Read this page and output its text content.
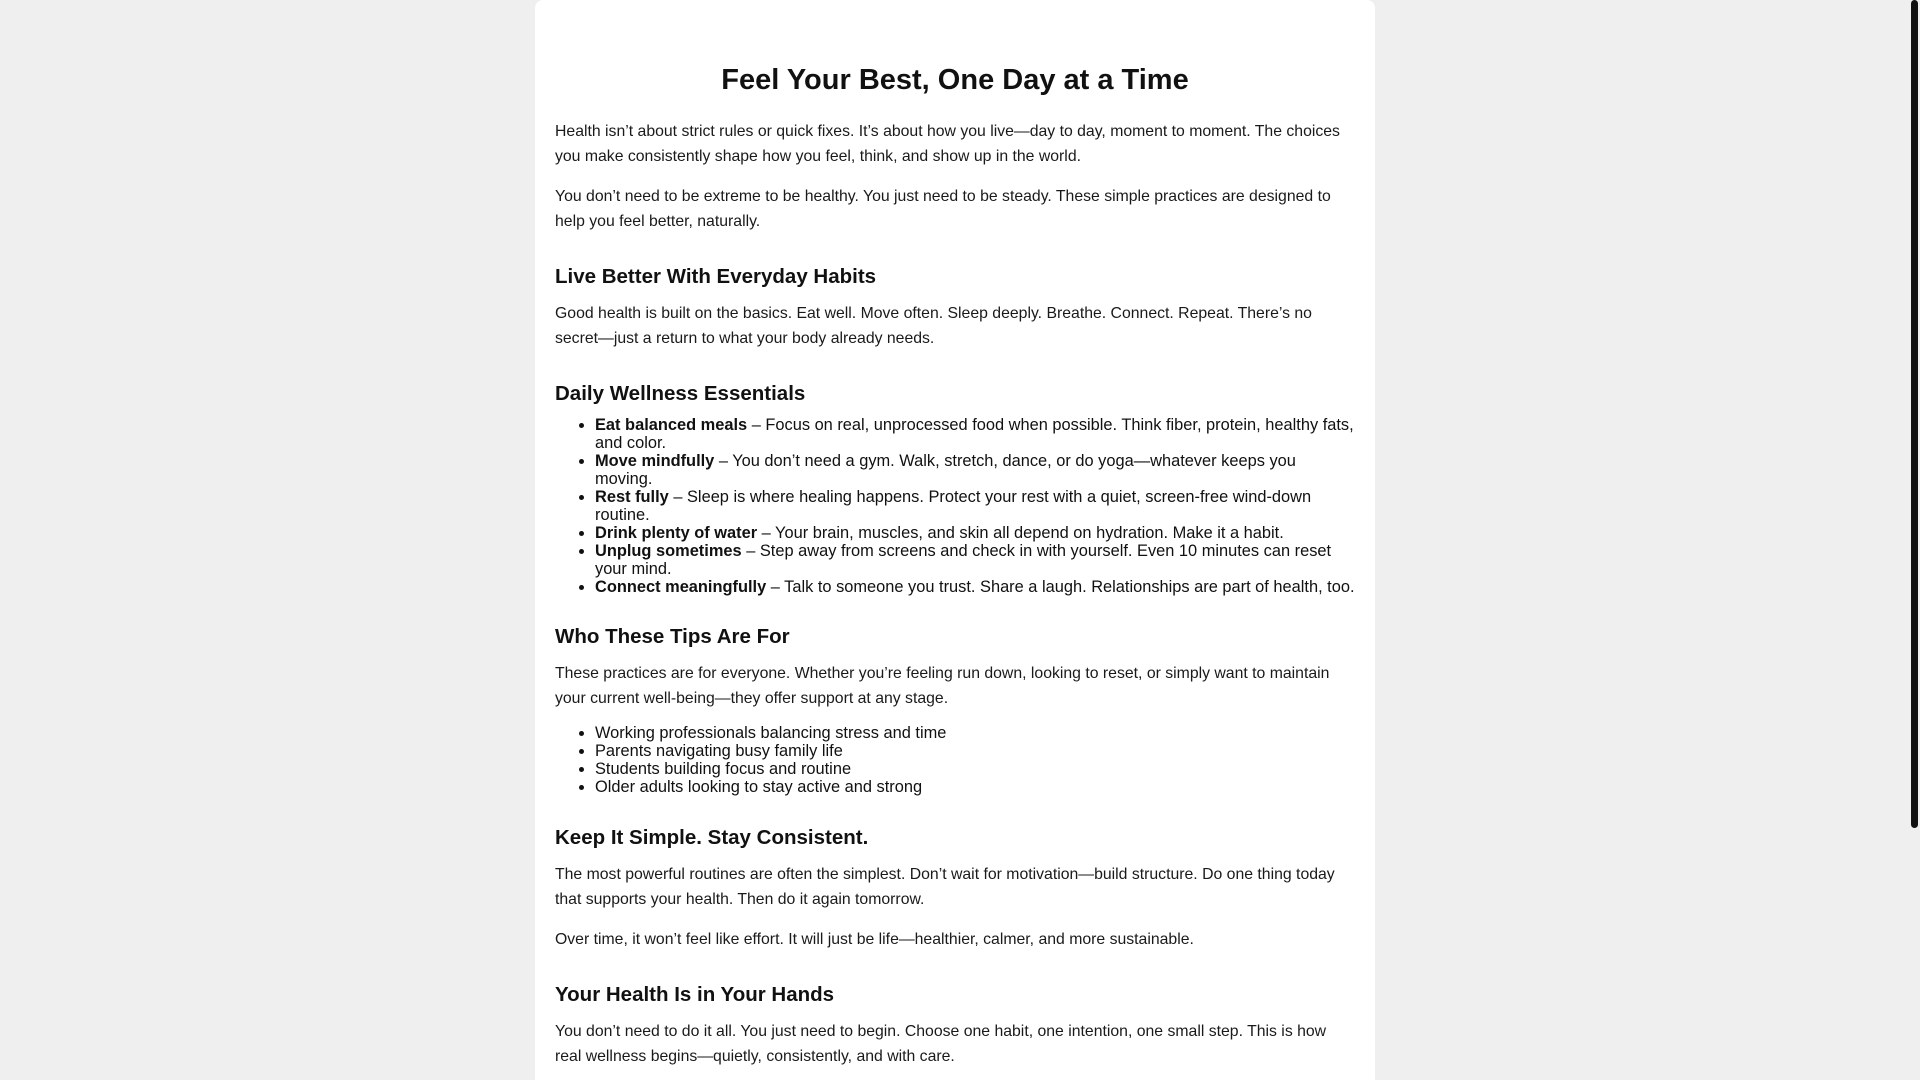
Feel Your Best, One Day at a Time

Health isn’t about strict rules or quick fixes. It’s about how you live—day to day, moment to moment. The choices you make consistently shape how you feel, think, and show up in the world.

You don’t need to be extreme to be healthy. You just need to be steady. These simple practices are designed to help you feel better, naturally.

Live Better With Everyday Habits

Good health is built on the basics. Eat well. Move often. Sleep deeply. Breathe. Connect. Repeat. There’s no secret—just a return to what your body already needs.

Daily Wellness Essentials
• Eat balanced meals – Focus on real, unprocessed food when possible. Think fiber, protein, healthy fats, and color.
• Move mindfully – You don’t need a gym. Walk, stretch, dance, or do yoga—whatever keeps you moving.
• Rest fully – Sleep is where healing happens. Protect your rest with a quiet, screen-free wind-down routine.
• Drink plenty of water – Your brain, muscles, and skin all depend on hydration. Make it a habit.
• Unplug sometimes – Step away from screens and check in with yourself. Even 10 minutes can reset your mind.
• Connect meaningfully – Talk to someone you trust. Share a laugh. Relationships are part of health, too.
Who These Tips Are For

These practices are for everyone. Whether you’re feeling run down, looking to reset, or simply want to maintain your current well-being—they offer support at any stage.

• Working professionals balancing stress and time
• Parents navigating busy family life
• Students building focus and routine
• Older adults looking to stay active and strong
Keep It Simple. Stay Consistent.

The most powerful routines are often the simplest. Don’t wait for motivation—build structure. Do one thing today that supports your health. Then do it again tomorrow.

Over time, it won’t feel like effort. It will just be life—healthier, calmer, and more sustainable.

Your Health Is in Your Hands

You don’t need to do it all. You just need to begin. Choose one habit, one intention, one small step. This is how real wellness begins—quietly, consistently, and with care.
